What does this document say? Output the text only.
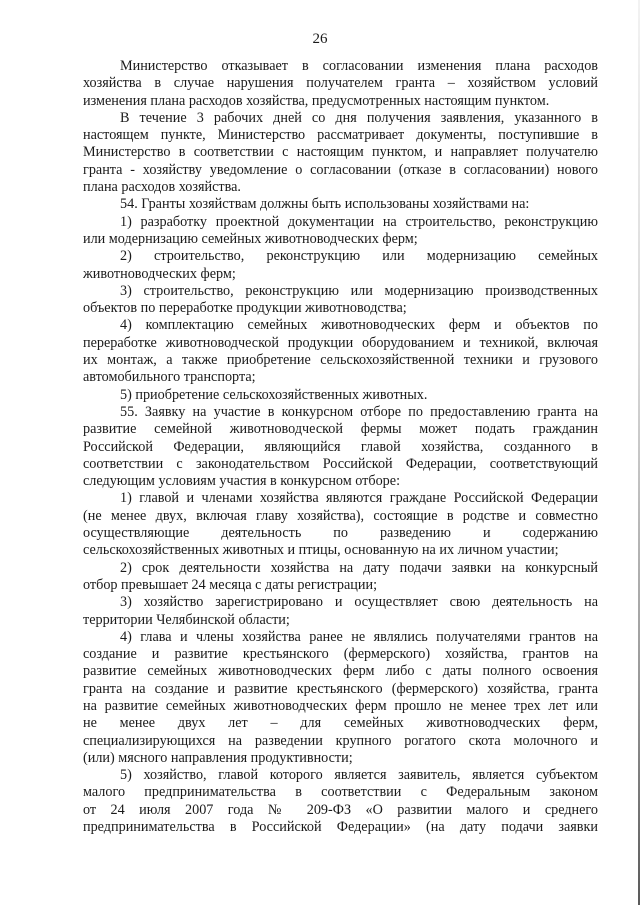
26
Министерство отказывает в согласовании изменения плана расходов
хозяйства в случае нарушения получателем гранта – хозяйством условий
изменения плана расходов хозяйства, предусмотренных настоящим пунктом.
В течение 3 рабочих дней со дня получения заявления, указанного в
настоящем пункте, Министерство рассматривает документы, поступившие в
Министерство в соответствии с настоящим пунктом, и направляет получателю
гранта - хозяйству уведомление о согласовании (отказе в согласовании) нового
плана расходов хозяйства.
54. Гранты хозяйствам должны быть использованы хозяйствами на:
1) разработку проектной документации на строительство, реконструкцию
или модернизацию семейных животноводческих ферм;
2) строительство, реконструкцию или модернизацию семейных
животноводческих ферм;
3) строительство, реконструкцию или модернизацию производственных
объектов по переработке продукции животноводства;
4) комплектацию семейных животноводческих ферм и объектов по
переработке животноводческой продукции оборудованием и техникой, включая
их монтаж, а также приобретение сельскохозяйственной техники и грузового
автомобильного транспорта;
5) приобретение сельскохозяйственных животных.
55. Заявку на участие в конкурсном отборе по предоставлению гранта на
развитие семейной животноводческой фермы может подать гражданин
Российской Федерации, являющийся главой хозяйства, созданного в
соответствии с законодательством Российской Федерации, соответствующий
следующим условиям участия в конкурсном отборе:
1) главой и членами хозяйства являются граждане Российской Федерации
(не менее двух, включая главу хозяйства), состоящие в родстве и совместно
осуществляющие деятельность по разведению и содержанию
сельскохозяйственных животных и птицы, основанную на их личном участии;
2) срок деятельности хозяйства на дату подачи заявки на конкурсный
отбор превышает 24 месяца с даты регистрации;
3) хозяйство зарегистрировано и осуществляет свою деятельность на
территории Челябинской области;
4) глава и члены хозяйства ранее не являлись получателями грантов на
создание и развитие крестьянского (фермерского) хозяйства, грантов на
развитие семейных животноводческих ферм либо с даты полного освоения
гранта на создание и развитие крестьянского (фермерского) хозяйства, гранта
на развитие семейных животноводческих ферм прошло не менее трех лет или
не менее двух лет – для семейных животноводческих ферм,
специализирующихся на разведении крупного рогатого скота молочного и
(или) мясного направления продуктивности;
5) хозяйство, главой которого является заявитель, является субъектом
малого предпринимательства в соответствии с Федеральным законом
от 24 июля 2007 года № 209-ФЗ «О развитии малого и среднего
предпринимательства в Российской Федерации» (на дату подачи заявки
